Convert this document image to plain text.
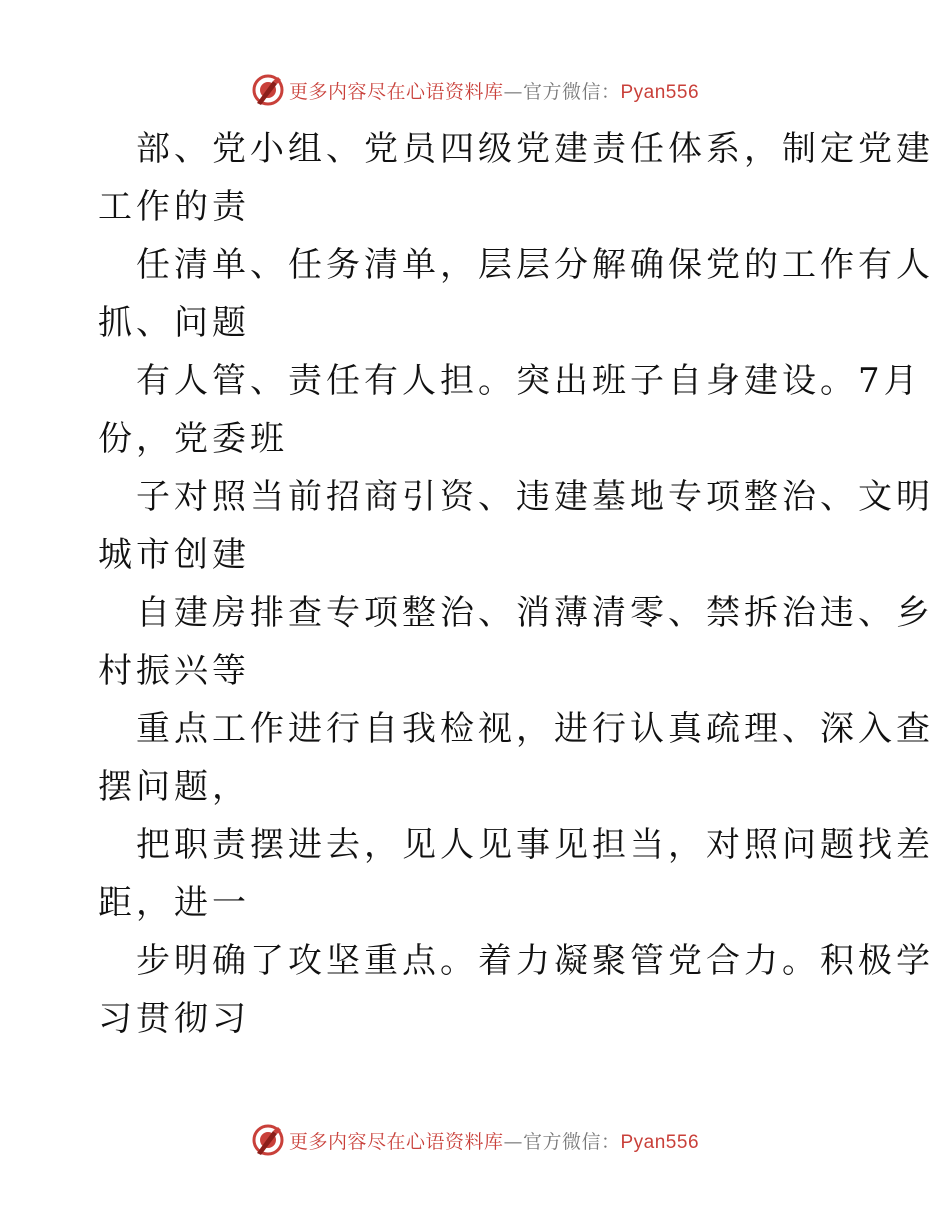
更多内容尽在心语资料库—官方微信：Pyan556

部、党小组、党员四级党建责任体系，制定党建
工作的责

任清单、任务清单，层层分解确保党的工作有人
抓、问题

有人管、责任有人担。突出班子自身建设。7月
份，党委班

子对照当前招商引资、违建墓地专项整治、文明
城市创建

自建房排查专项整治、消薄清零、禁拆治违、乡
村振兴等

重点工作进行自我检视，进行认真疏理、深入查
摆问题，

把职责摆进去，见人见事见担当，对照问题找差
距，进一

步明确了攻坚重点。着力凝聚管党合力。积极学
习贯彻习

更多内容尽在心语资料库—官方微信：Pyan556
